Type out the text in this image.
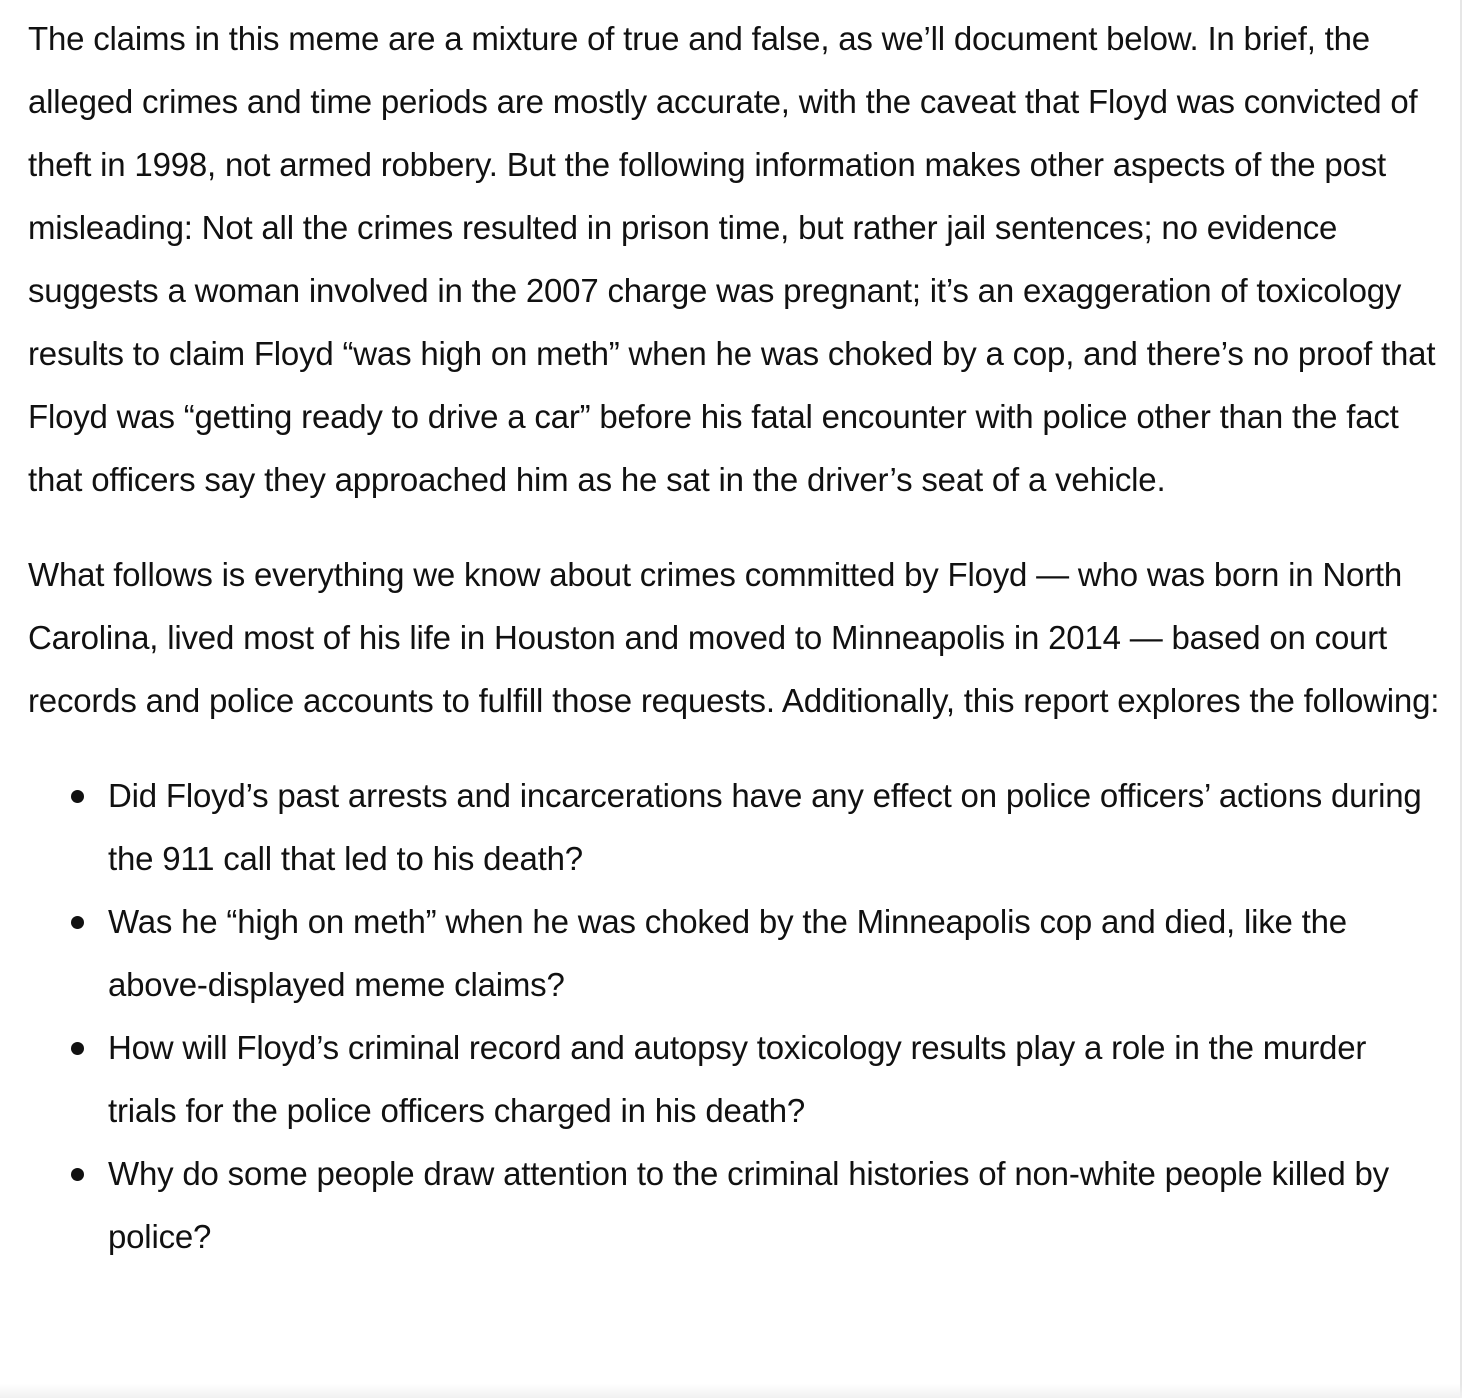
The claims in this meme are a mixture of true and false, as we’ll document below. In brief, the alleged crimes and time periods are mostly accurate, with the caveat that Floyd was convicted of theft in 1998, not armed robbery. But the following information makes other aspects of the post misleading: Not all the crimes resulted in prison time, but rather jail sentences; no evidence suggests a woman involved in the 2007 charge was pregnant; it’s an exaggeration of toxicology results to claim Floyd “was high on meth” when he was choked by a cop, and there’s no proof that Floyd was “getting ready to drive a car” before his fatal encounter with police other than the fact that officers say they approached him as he sat in the driver’s seat of a vehicle.

What follows is everything we know about crimes committed by Floyd — who was born in North Carolina, lived most of his life in Houston and moved to Minneapolis in 2014 — based on court records and police accounts to fulfill those requests. Additionally, this report explores the following:

Did Floyd’s past arrests and incarcerations have any effect on police officers’ actions during the 911 call that led to his death?
Was he “high on meth” when he was choked by the Minneapolis cop and died, like the above-displayed meme claims?
How will Floyd’s criminal record and autopsy toxicology results play a role in the murder trials for the police officers charged in his death?
Why do some people draw attention to the criminal histories of non-white people killed by police?
